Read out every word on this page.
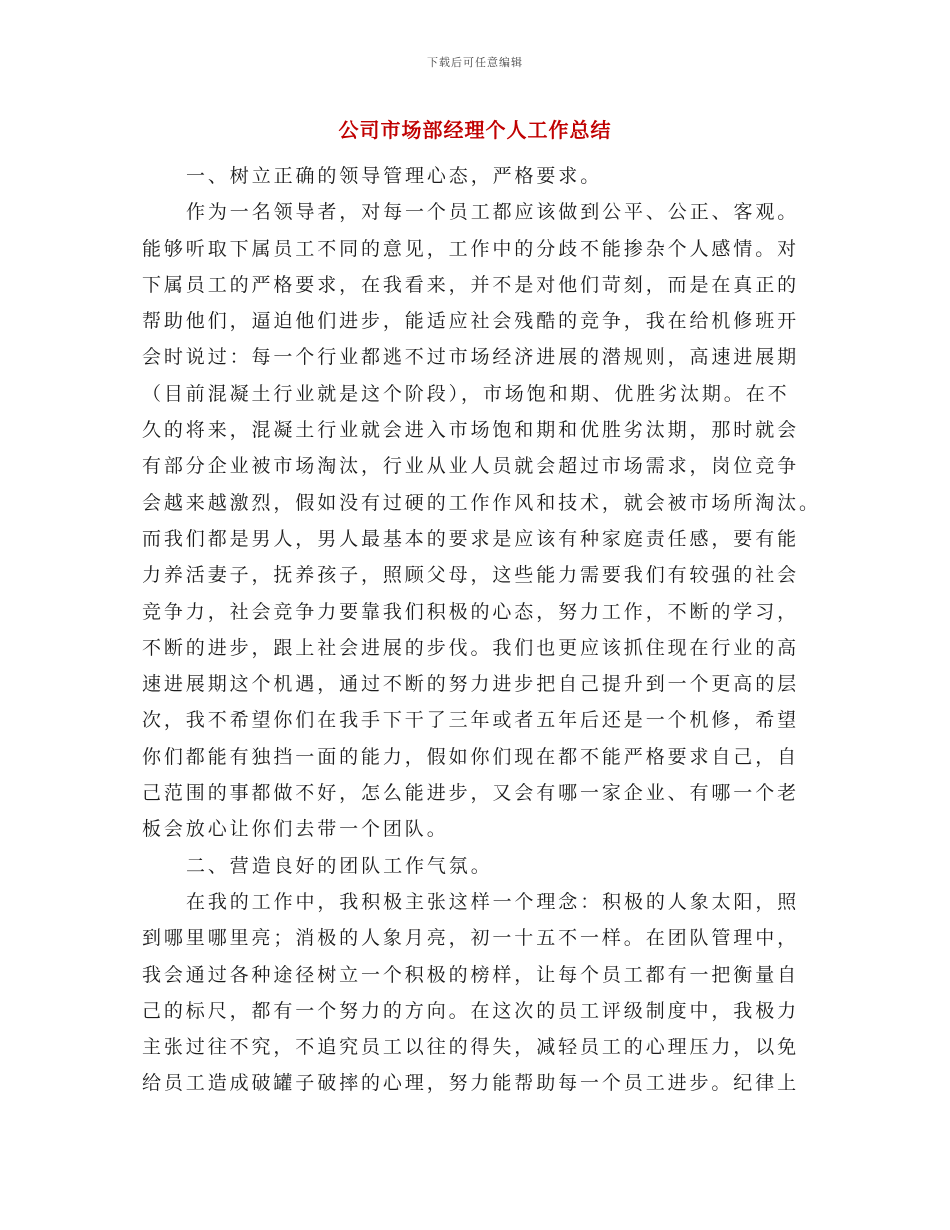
下载后可任意编辑
公司市场部经理个人工作总结
一、树立正确的领导管理心态，严格要求。
作为一名领导者，对每一个员工都应该做到公平、公正、客观。
能够听取下属员工不同的意见，工作中的分歧不能掺杂个人感情。对
下属员工的严格要求，在我看来，并不是对他们苛刻，而是在真正的
帮助他们，逼迫他们进步，能适应社会残酷的竞争，我在给机修班开
会时说过：每一个行业都逃不过市场经济进展的潜规则，高速进展期
（目前混凝土行业就是这个阶段），市场饱和期、优胜劣汰期。在不
久的将来，混凝土行业就会进入市场饱和期和优胜劣汰期，那时就会
有部分企业被市场淘汰，行业从业人员就会超过市场需求，岗位竞争
会越来越激烈，假如没有过硬的工作作风和技术，就会被市场所淘汰。
而我们都是男人，男人最基本的要求是应该有种家庭责任感，要有能
力养活妻子，抚养孩子，照顾父母，这些能力需要我们有较强的社会
竞争力，社会竞争力要靠我们积极的心态，努力工作，不断的学习，
不断的进步，跟上社会进展的步伐。我们也更应该抓住现在行业的高
速进展期这个机遇，通过不断的努力进步把自己提升到一个更高的层
次，我不希望你们在我手下干了三年或者五年后还是一个机修，希望
你们都能有独挡一面的能力，假如你们现在都不能严格要求自己，自
己范围的事都做不好，怎么能进步，又会有哪一家企业、有哪一个老
板会放心让你们去带一个团队。
二、营造良好的团队工作气氛。
在我的工作中，我积极主张这样一个理念：积极的人象太阳，照
到哪里哪里亮；消极的人象月亮，初一十五不一样。在团队管理中，
我会通过各种途径树立一个积极的榜样，让每个员工都有一把衡量自
己的标尺，都有一个努力的方向。在这次的员工评级制度中，我极力
主张过往不究，不追究员工以往的得失，减轻员工的心理压力，以免
给员工造成破罐子破摔的心理，努力能帮助每一个员工进步。纪律上
